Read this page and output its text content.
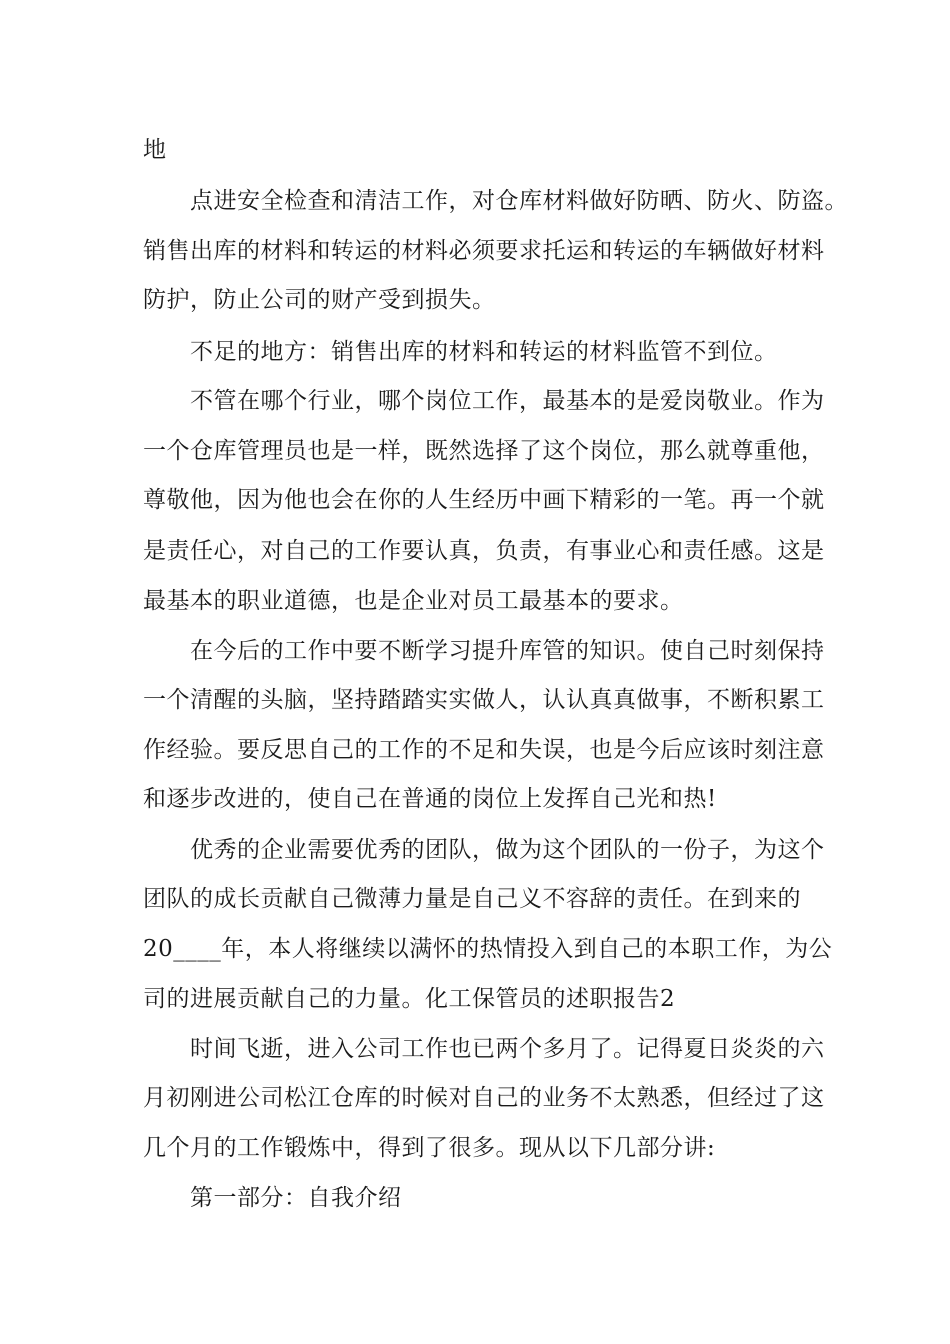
地
点进安全检查和清洁工作，对仓库材料做好防晒、防火、防盗。
销售出库的材料和转运的材料必须要求托运和转运的车辆做好材料
防护，防止公司的财产受到损失。
不足的地方：销售出库的材料和转运的材料监管不到位。
不管在哪个行业，哪个岗位工作，最基本的是爱岗敬业。作为
一个仓库管理员也是一样，既然选择了这个岗位，那么就尊重他，
尊敬他，因为他也会在你的人生经历中画下精彩的一笔。再一个就
是责任心，对自己的工作要认真，负责，有事业心和责任感。这是
最基本的职业道德，也是企业对员工最基本的要求。
在今后的工作中要不断学习提升库管的知识。使自己时刻保持
一个清醒的头脑，坚持踏踏实实做人，认认真真做事，不断积累工
作经验。要反思自己的工作的不足和失误，也是今后应该时刻注意
和逐步改进的，使自己在普通的岗位上发挥自己光和热!
优秀的企业需要优秀的团队，做为这个团队的一份子，为这个
团队的成长贡献自己微薄力量是自己义不容辞的责任。在到来的
20____年，本人将继续以满怀的热情投入到自己的本职工作，为公
司的进展贡献自己的力量。化工保管员的述职报告2
时间飞逝，进入公司工作也已两个多月了。记得夏日炎炎的六
月初刚进公司松江仓库的时候对自己的业务不太熟悉，但经过了这
几个月的工作锻炼中，得到了很多。现从以下几部分讲:
第一部分：自我介绍
